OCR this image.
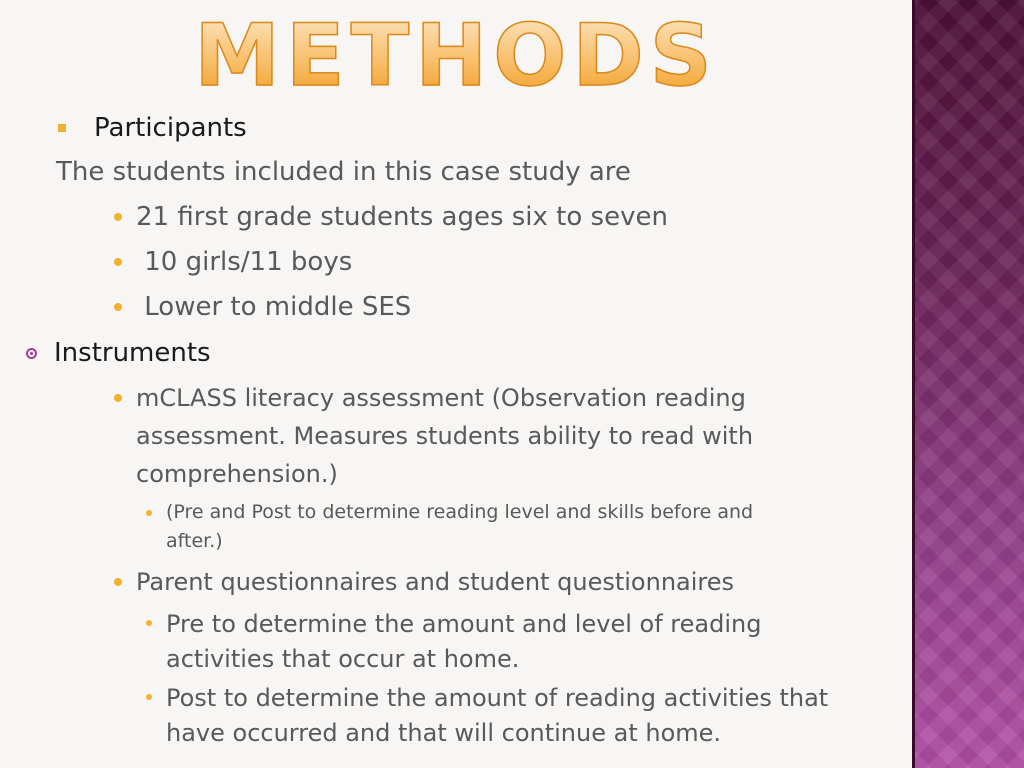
METHODS
Participants
The students included in this case study are
21 first grade students ages six to seven
10 girls/11 boys
Lower to middle SES
Instruments
mCLASS literacy assessment (Observation reading
assessment. Measures students ability to read with
comprehension.)
(Pre and Post to determine reading level and skills before and
after.)
Parent questionnaires and student questionnaires
Pre to determine the amount and level of reading
activities that occur at home.
Post to determine the amount of reading activities that
have occurred and that will continue at home.
